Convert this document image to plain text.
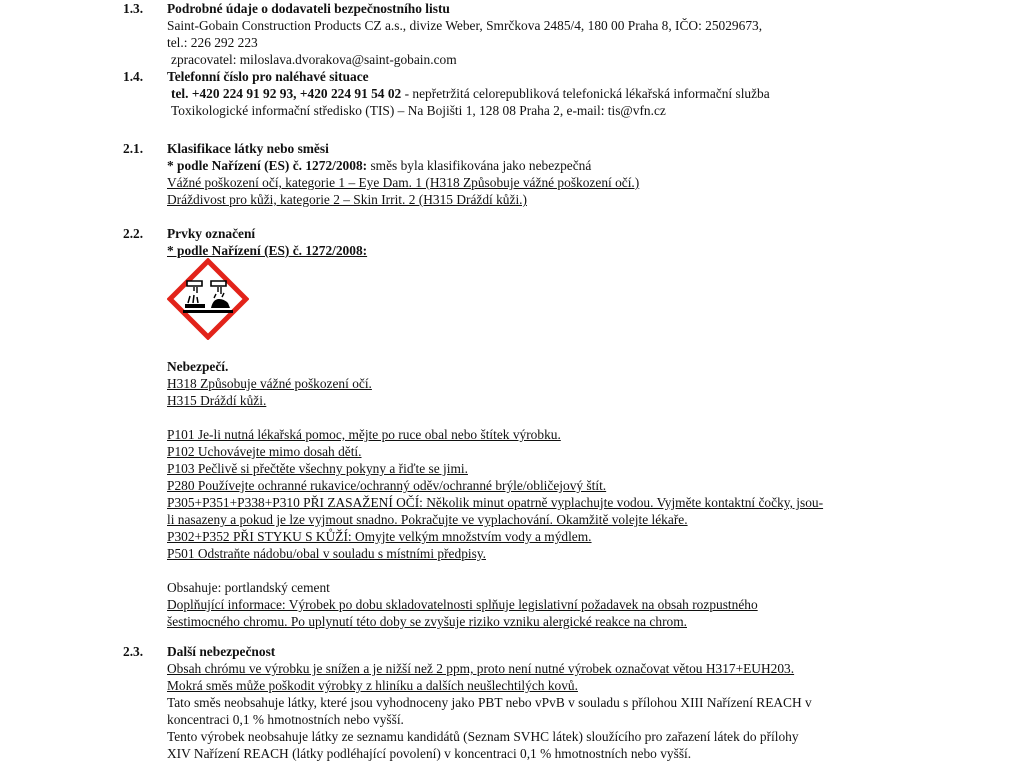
1.3. Podrobné údaje o dodavateli bezpečnostního listu
Saint-Gobain Construction Products CZ a.s., divize Weber, Smrčkova 2485/4, 180 00 Praha 8, IČO: 25029673,
tel.: 226 292 223
zpracovatel: miloslava.dvorakova@saint-gobain.com
1.4. Telefonní číslo pro naléhavé situace
tel. +420 224 91 92 93, +420 224 91 54 02 - nepřetržitá celorepubliková telefonická lékařská informační služba
Toxikologické informační středisko (TIS) – Na Bojišti 1, 128 08 Praha 2, e-mail: tis@vfn.cz
2.1. Klasifikace látky nebo směsi
* podle Nařízení (ES) č. 1272/2008: směs byla klasifikována jako nebezpečná
Vážné poškození očí, kategorie 1 – Eye Dam. 1 (H318 Způsobuje vážné poškození očí.)
Dráždivost pro kůži, kategorie 2 – Skin Irrit. 2 (H315 Dráždí kůži.)
2.2. Prvky označení
* podle Nařízení (ES) č. 1272/2008:
Nebezpečí.
H318 Způsobuje vážné poškození očí.
H315 Dráždí kůži.
P101 Je-li nutná lékařská pomoc, mějte po ruce obal nebo štítek výrobku.
P102 Uchovávejte mimo dosah dětí.
P103 Pečlivě si přečtěte všechny pokyny a řiďte se jimi.
P280 Používejte ochranné rukavice/ochranný oděv/ochranné brýle/obličejový štít.
P305+P351+P338+P310 PŘI ZASAŽENÍ OČÍ: Několik minut opatrně vyplachujte vodou. Vyjměte kontaktní čočky, jsou-
li nasazeny a pokud je lze vyjmout snadno. Pokračujte ve vyplachování. Okamžitě volejte lékaře.
P302+P352 PŘI STYKU S KŮŽÍ: Omyjte velkým množstvím vody a mýdlem.
P501 Odstraňte nádobu/obal v souladu s místními předpisy.
Obsahuje: portlandský cement
Doplňující informace: Výrobek po dobu skladovatelnosti splňuje legislativní požadavek na obsah rozpustného
šestimocného chromu. Po uplynutí této doby se zvyšuje riziko vzniku alergické reakce na chrom.
2.3. Další nebezpečnost
Obsah chrómu ve výrobku je snížen a je nižší než 2 ppm, proto není nutné výrobek označovat větou H317+EUH203.
Mokrá směs může poškodit výrobky z hliníku a dalších neušlechtilých kovů.
Tato směs neobsahuje látky, které jsou vyhodnoceny jako PBT nebo vPvB v souladu s přílohou XIII Nařízení REACH v
koncentraci 0,1 % hmotnostních nebo vyšší.
Tento výrobek neobsahuje látky ze seznamu kandidátů (Seznam SVHC látek) sloužícího pro zařazení látek do přílohy
XIV Nařízení REACH (látky podléhající povolení) v koncentraci 0,1 % hmotnostních nebo vyšší.
